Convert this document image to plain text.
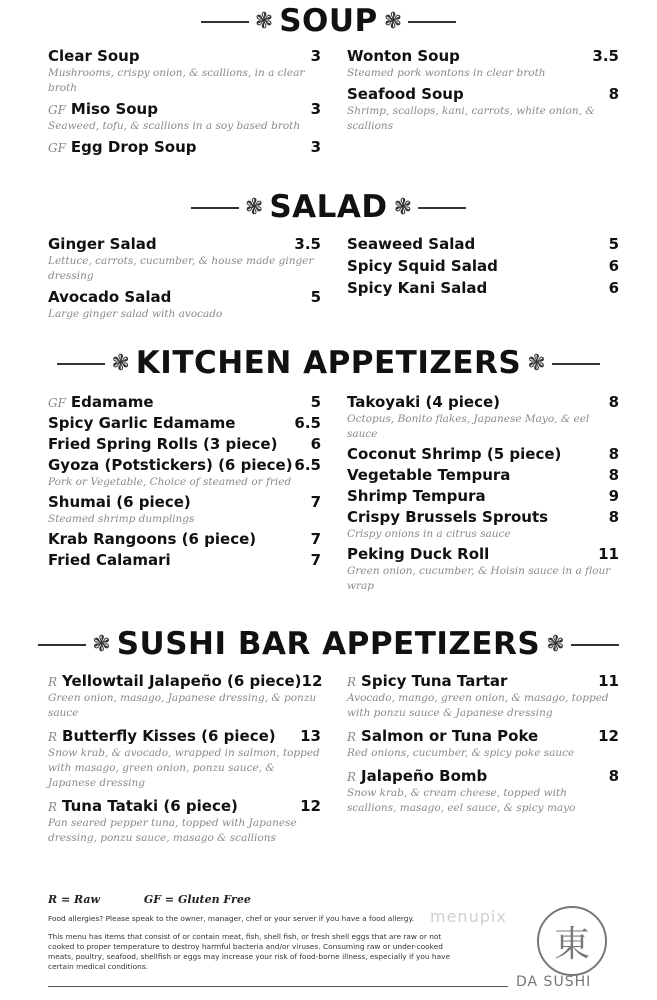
❃ SOUP ❃
Clear Soup	3
Mushrooms, crispy onion, & scallions, in a clear broth
GF Miso Soup	3
Seaweed, tofu, & scallions in a soy based broth
GF Egg Drop Soup	3
Wonton Soup	3.5
Steamed pork wontons in clear broth
Seafood Soup	8
Shrimp, scallops, kani, carrots, white onion, & scallions
❃ SALAD ❃
Ginger Salad	3.5
Lettuce, carrots, cucumber, & house made ginger dressing
Avocado Salad	5
Large ginger salad with avocado
Seaweed Salad	5
Spicy Squid Salad	6
Spicy Kani Salad	6
❃ KITCHEN APPETIZERS ❃
GF Edamame	5
Spicy Garlic Edamame	6.5
Fried Spring Rolls (3 piece) 6
Gyoza (Potstickers) (6 piece) 6.5
Pork or Vegetable, Choice of steamed or fried
Shumai (6 piece)	7
Steamed shrimp dumplings
Krab Rangoons (6 piece)	7
Fried Calamari	7
Takoyaki (4 piece)	8
Octopus, Bonito flakes, Japanese Mayo, & eel sauce
Coconut Shrimp (5 piece)	8
Vegetable Tempura	8
Shrimp Tempura	9
Crispy Brussels Sprouts	8
Crispy onions in a citrus sauce
Peking Duck Roll	11
Green onion, cucumber, & Hoisin sauce in a flour wrap
❃ SUSHI BAR APPETIZERS ❃
R Yellowtail Jalapeño (6 piece) 12
Green onion, masago, Japanese dressing, & ponzu sauce
R Butterfly Kisses (6 piece) 13
Snow krab, & avocado, wrapped in salmon, topped with masago, green onion, ponzu sauce, & Japanese dressing
R Tuna Tataki (6 piece)	12
Pan seared pepper tuna, topped with Japanese dressing, ponzu sauce, masago & scallions
R Spicy Tuna Tartar	11
Avocado, mango, green onion, & masago, topped with ponzu sauce & Japanese dressing
R Salmon or Tuna Poke	12
Red onions, cucumber, & spicy poke sauce
R Jalapeño Bomb	8
Snow krab, & cream cheese, topped with scallions, masago, eel sauce, & spicy mayo
R = Raw	GF = Gluten Free
Food allergies? Please speak to the owner, manager, chef or your server if you have a food allergy.
This menu has items that consist of or contain meat, fish, shell fish, or fresh shell eggs that are raw or not cooked to proper temperature to destroy harmful bacteria and/or viruses. Consuming raw or under-cooked meats, poultry, seafood, shellfish or eggs may increase your risk of food-borne illness, especially if you have certain medical conditions.
menupix
東
DA SUSHI
